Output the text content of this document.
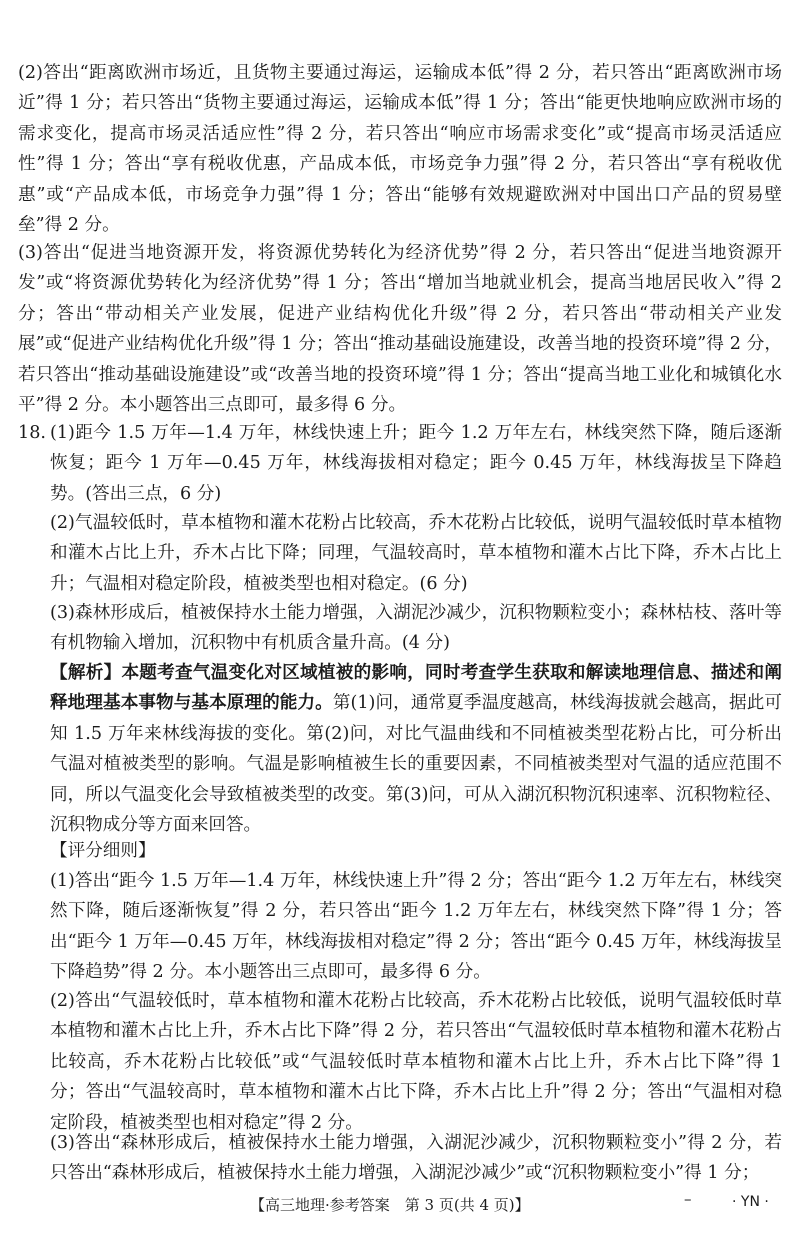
(2)答出“距离欧洲市场近，且货物主要通过海运，运输成本低”得 2 分，若只答出“距离欧洲市场近”得 1 分；若只答出“货物主要通过海运，运输成本低”得 1 分；答出“能更快地响应欧洲市场的需求变化，提高市场灵活适应性”得 2 分，若只答出“响应市场需求变化”或“提高市场灵活适应性”得 1 分；答出“享有税收优惠，产品成本低，市场竞争力强”得 2 分，若只答出“享有税收优惠”或“产品成本低，市场竞争力强”得 1 分；答出“能够有效规避欧洲对中国出口产品的贸易壁垒”得 2 分。

(3)答出“促进当地资源开发，将资源优势转化为经济优势”得 2 分，若只答出“促进当地资源开发”或“将资源优势转化为经济优势”得 1 分；答出“增加当地就业机会，提高当地居民收入”得 2 分；答出“带动相关产业发展，促进产业结构优化升级”得 2 分，若只答出“带动相关产业发展”或“促进产业结构优化升级”得 1 分；答出“推动基础设施建设，改善当地的投资环境”得 2 分，若只答出“推动基础设施建设”或“改善当地的投资环境”得 1 分；答出“提高当地工业化和城镇化水平”得 2 分。本小题答出三点即可，最多得 6 分。

18. (1)距今 1.5 万年—1.4 万年，林线快速上升；距今 1.2 万年左右，林线突然下降，随后逐渐恢复；距今 1 万年—0.45 万年，林线海拔相对稳定；距今 0.45 万年，林线海拔呈下降趋势。(答出三点，6 分)

(2)气温较低时，草本植物和灌木花粉占比较高，乔木花粉占比较低，说明气温较低时草本植物和灌木占比上升，乔木占比下降；同理，气温较高时，草本植物和灌木占比下降，乔木占比上升；气温相对稳定阶段，植被类型也相对稳定。(6 分)

(3)森林形成后，植被保持水土能力增强，入湖泥沙减少，沉积物颗粒变小；森林枯枝、落叶等有机物输入增加，沉积物中有机质含量升高。(4 分)

【解析】本题考查气温变化对区域植被的影响，同时考查学生获取和解读地理信息、描述和阐释地理基本事物与基本原理的能力。第(1)问，通常夏季温度越高，林线海拔就会越高，据此可知 1.5 万年来林线海拔的变化。第(2)问，对比气温曲线和不同植被类型花粉占比，可分析出气温对植被类型的影响。气温是影响植被生长的重要因素，不同植被类型对气温的适应范围不同，所以气温变化会导致植被类型的改变。第(3)问，可从入湖沉积物沉积速率、沉积物粒径、沉积物成分等方面来回答。

【评分细则】

(1)答出“距今 1.5 万年—1.4 万年，林线快速上升”得 2 分；答出“距今 1.2 万年左右，林线突然下降，随后逐渐恢复”得 2 分，若只答出“距今 1.2 万年左右，林线突然下降”得 1 分；答出“距今 1 万年—0.45 万年，林线海拔相对稳定”得 2 分；答出“距今 0.45 万年，林线海拔呈下降趋势”得 2 分。本小题答出三点即可，最多得 6 分。

(2)答出“气温较低时，草本植物和灌木花粉占比较高，乔木花粉占比较低，说明气温较低时草本植物和灌木占比上升，乔木占比下降”得 2 分，若只答出“气温较低时草本植物和灌木花粉占比较高，乔木花粉占比较低”或“气温较低时草本植物和灌木占比上升，乔木占比下降”得 1 分；答出“气温较高时，草本植物和灌木占比下降，乔木占比上升”得 2 分；答出“气温相对稳定阶段，植被类型也相对稳定”得 2 分。

(3)答出“森林形成后，植被保持水土能力增强，入湖泥沙减少，沉积物颗粒变小”得 2 分，若只答出“森林形成后，植被保持水土能力增强，入湖泥沙减少”或“沉积物颗粒变小”得 1 分；

【高三地理·参考答案　第 3 页(共 4 页)】	–	· YN ·
